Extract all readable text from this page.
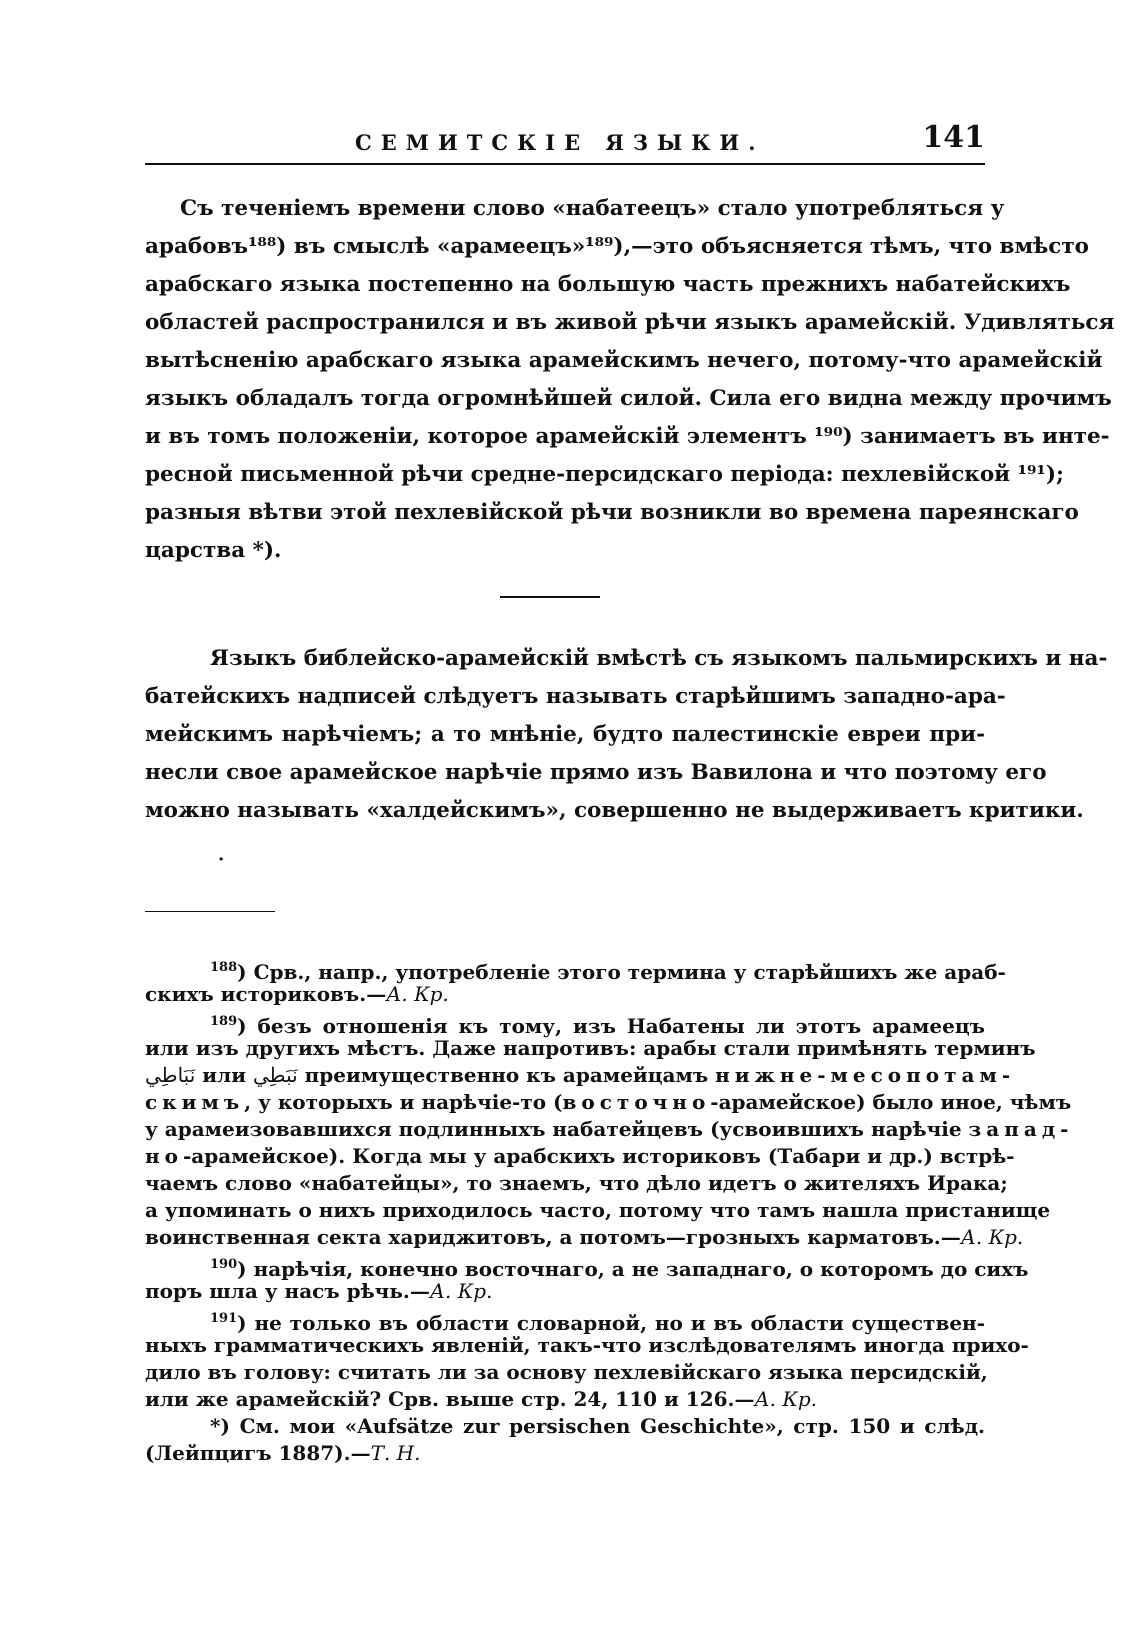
СЕМИТСКІЕ ЯЗЫКИ.	141
Съ теченіемъ времени слово «набатеецъ» стало употребляться у
арабовъ¹⁸⁸) въ смыслѣ «арамеецъ»¹⁸⁹),—это объясняется тѣмъ, что вмѣсто
арабскаго языка постепенно на большую часть прежнихъ набатейскихъ
областей распространился и въ живой рѣчи языкъ арамейскій. Удивляться
вытѣсненію арабскаго языка арамейскимъ нечего, потому-что арамейскій
языкъ обладалъ тогда огромнѣйшей силой. Сила его видна между прочимъ
и въ томъ положеніи, которое арамейскій элементъ ¹⁹⁰) занимаетъ въ инте-
ресной письменной рѣчи средне-персидскаго періода: пехлевійской ¹⁹¹);
разныя вѣтви этой пехлевійской рѣчи возникли во времена пареянскаго
царства *).
Языкъ библейско-арамейскій вмѣстѣ съ языкомъ пальмирскихъ и на-
батейскихъ надписей слѣдуетъ называть старѣйшимъ западно-ара-
мейскимъ нарѣчіемъ; а то мнѣніе, будто палестинскіе евреи при-
несли свое арамейское нарѣчіе прямо изъ Вавилона и что поэтому его
можно называть «халдейскимъ», совершенно не выдерживаетъ критики.
·
$^{188}$) Срв., напр., употребленіе этого термина у старѣйшихъ же араб-
скихъ историковъ.—А. Кр.
$^{189}$) безъ отношенія къ тому, изъ Набатены ли этотъ арамеецъ
или изъ другихъ мѣстъ. Даже напротивъ: арабы стали примѣнять терминъ
نَبَاطِي или نَبَطِي преимущественно къ арамейцамъ нижне-месопотам-
скимъ, у которыхъ и нарѣчіе-то (восточно-арамейское) было иное, чѣмъ
у арамеизовавшихся подлинныхъ набатейцевъ (усвоившихъ нарѣчіе запад-
но-арамейское). Когда мы у арабскихъ историковъ (Табари и др.) встрѣ-
чаемъ слово «набатейцы», то знаемъ, что дѣло идетъ о жителяхъ Ирака;
а упоминать о нихъ приходилось часто, потому что тамъ нашла пристанище
воинственная секта хариджитовъ, а потомъ—грозныхъ карматовъ.—А. Кр.
$^{190}$) нарѣчія, конечно восточнаго, а не западнаго, о которомъ до сихъ
поръ шла у насъ рѣчь.—А. Кр.
$^{191}$) не только въ области словарной, но и въ области существен-
ныхъ грамматическихъ явленій, такъ-что изслѣдователямъ иногда прихо-
дило въ голову: считать ли за основу пехлевійскаго языка персидскій,
или же арамейскій? Срв. выше стр. 24, 110 и 126.—А. Кр.
*) См. мои «Aufsätze zur persischen Geschichte», стр. 150 и слѣд.
(Лейпцигъ 1887).—Т. Н.
